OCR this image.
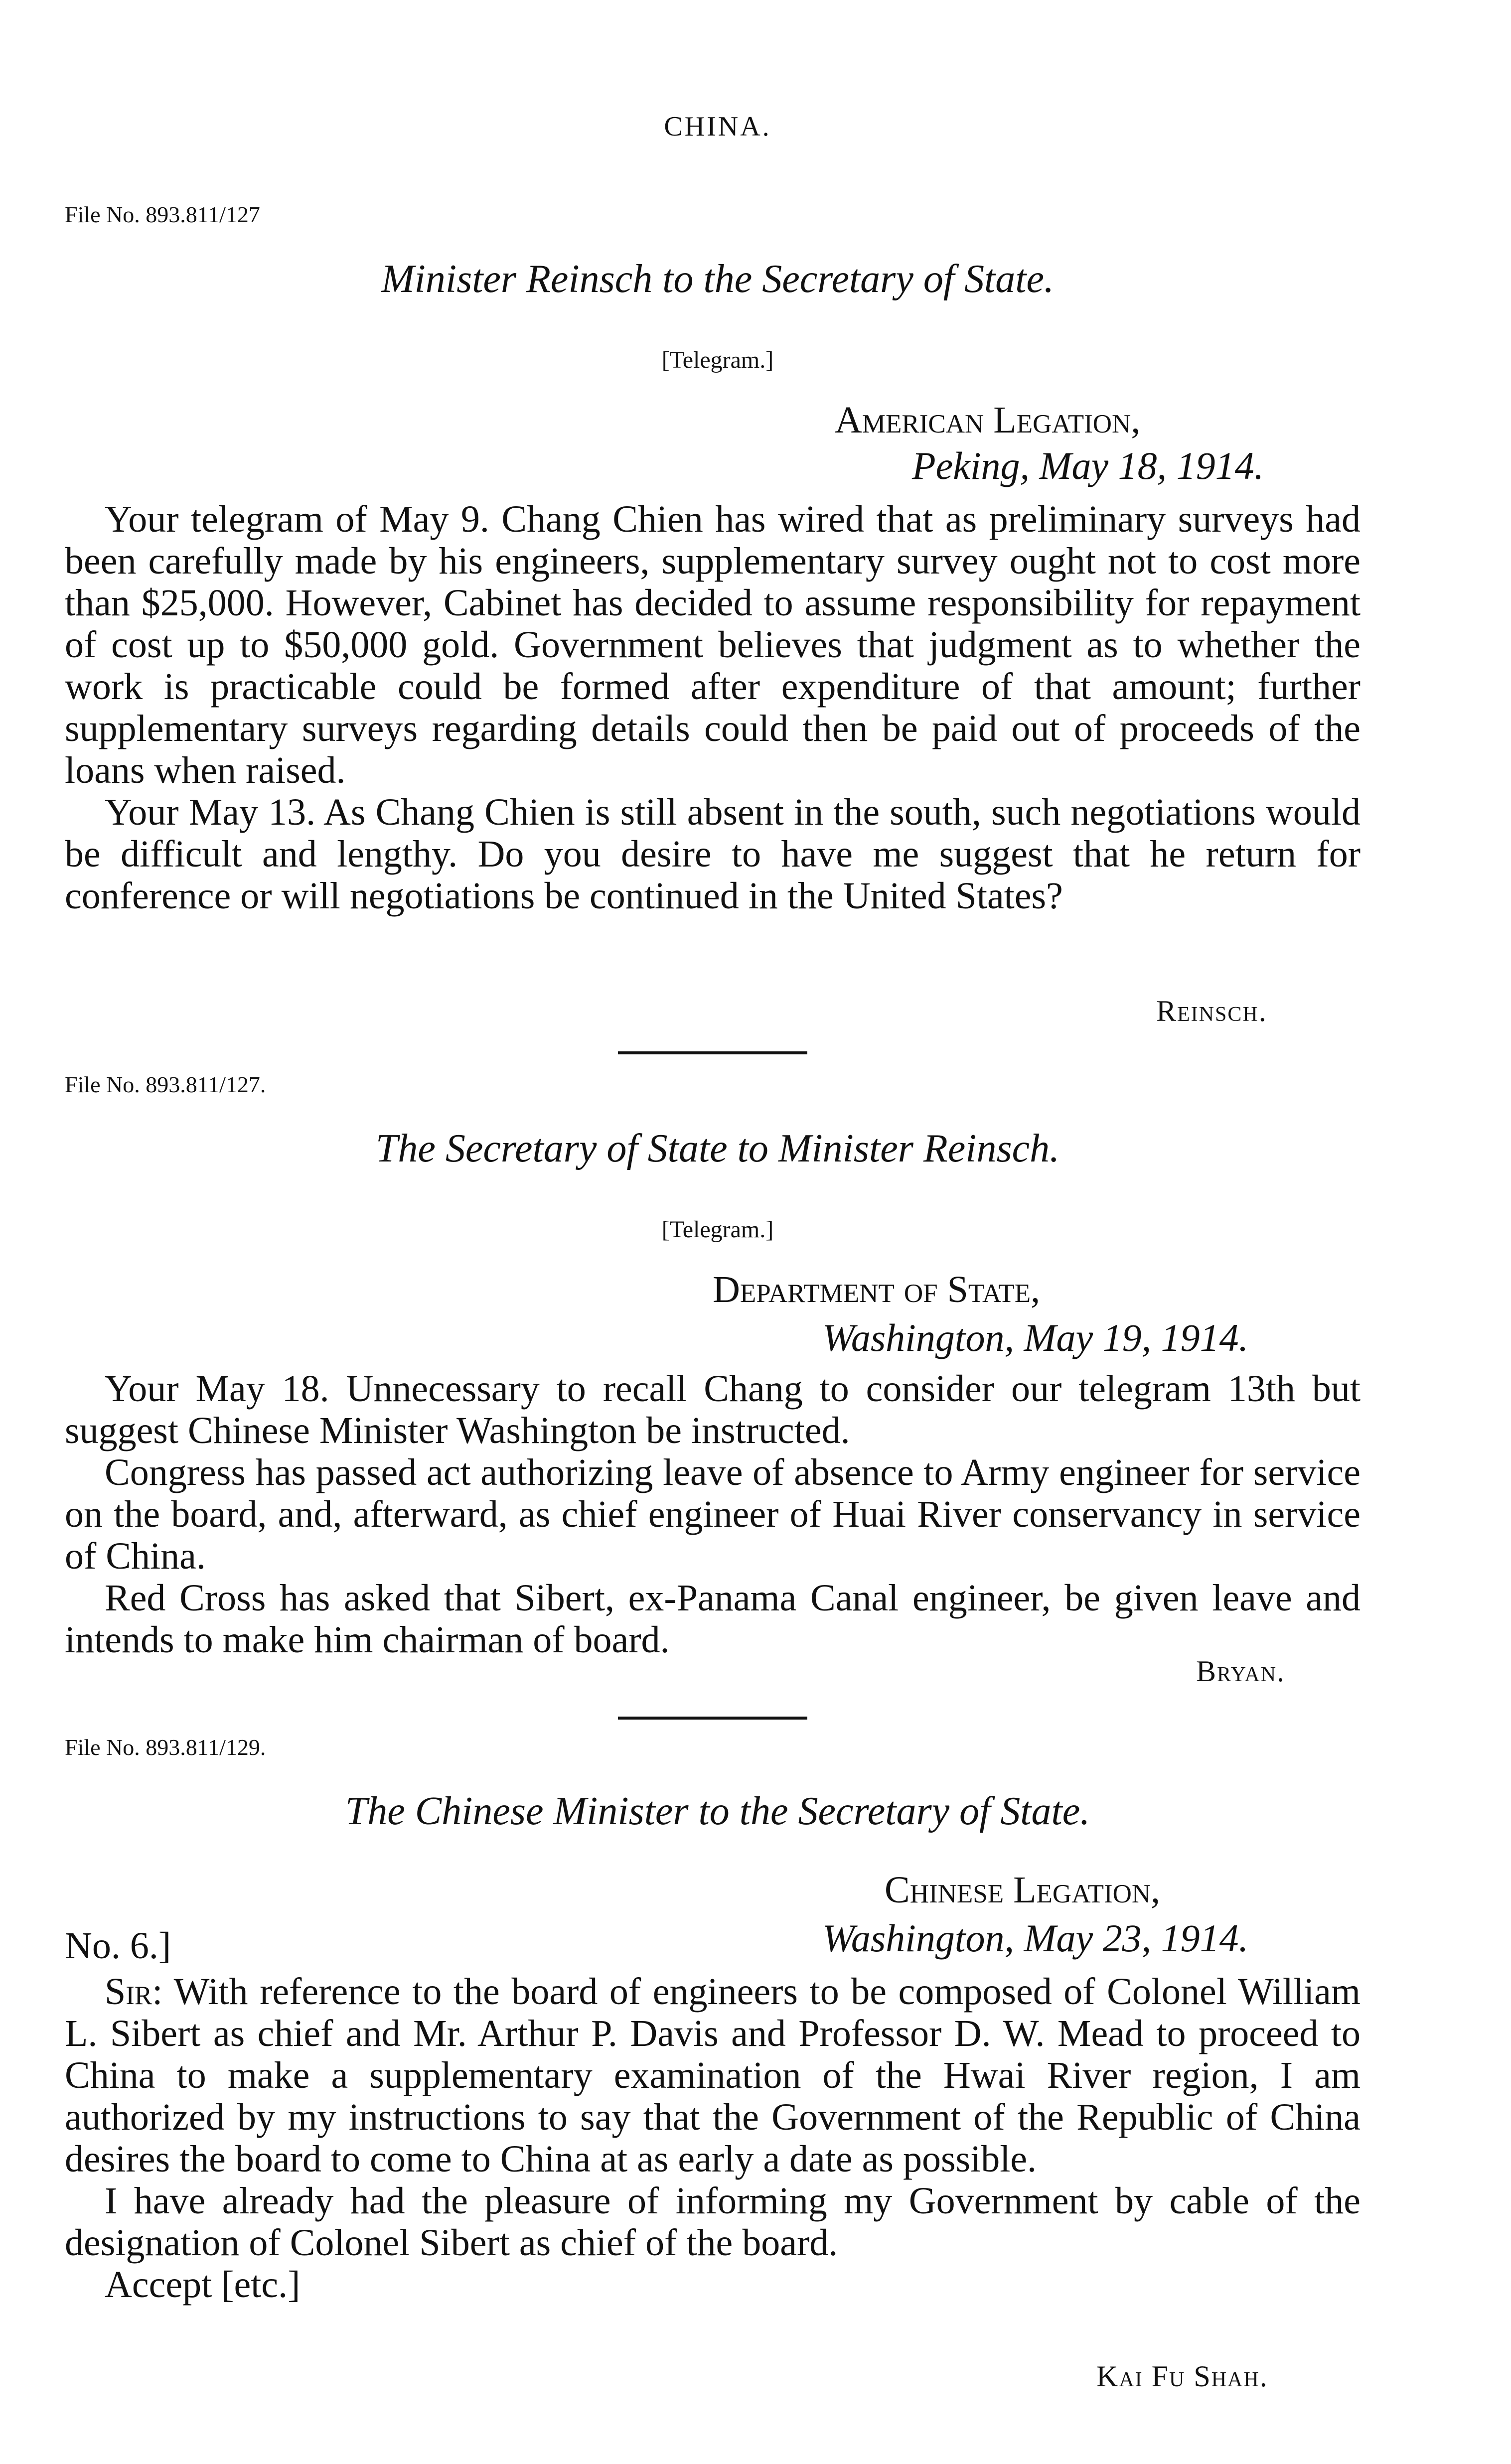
CHINA.
File No. 893.811/127
Minister Reinsch to the Secretary of State.
[Telegram.]
American Legation,
Peking, May 18, 1914.

Your telegram of May 9. Chang Chien has wired that as preliminary surveys had been carefully made by his engineers, supplementary survey ought not to cost more than $25,000. However, Cabinet has decided to assume responsibility for repayment of cost up to $50,000 gold. Government believes that judgment as to whether the work is practicable could be formed after expenditure of that amount; further supplementary surveys regarding details could then be paid out of proceeds of the loans when raised.

Your May 13. As Chang Chien is still absent in the south, such negotiations would be difficult and lengthy. Do you desire to have me suggest that he return for conference or will negotiations be continued in the United States?

Reinsch.
File No. 893.811/127.
The Secretary of State to Minister Reinsch.
[Telegram.]
Department of State,
Washington, May 19, 1914.

Your May 18. Unnecessary to recall Chang to consider our telegram 13th but suggest Chinese Minister Washington be instructed.

Congress has passed act authorizing leave of absence to Army engineer for service on the board, and, afterward, as chief engineer of Huai River conservancy in service of China.

Red Cross has asked that Sibert, ex-Panama Canal engineer, be given leave and intends to make him chairman of board.

Bryan.
File No. 893.811/129.
The Chinese Minister to the Secretary of State.
Chinese Legation,
No. 6.]	Washington, May 23, 1914.

Sir: With reference to the board of engineers to be composed of Colonel William L. Sibert as chief and Mr. Arthur P. Davis and Professor D. W. Mead to proceed to China to make a supplementary examination of the Hwai River region, I am authorized by my instructions to say that the Government of the Republic of China desires the board to come to China at as early a date as possible.

I have already had the pleasure of informing my Government by cable of the designation of Colonel Sibert as chief of the board.

Accept [etc.]

Kai Fu Shah.
